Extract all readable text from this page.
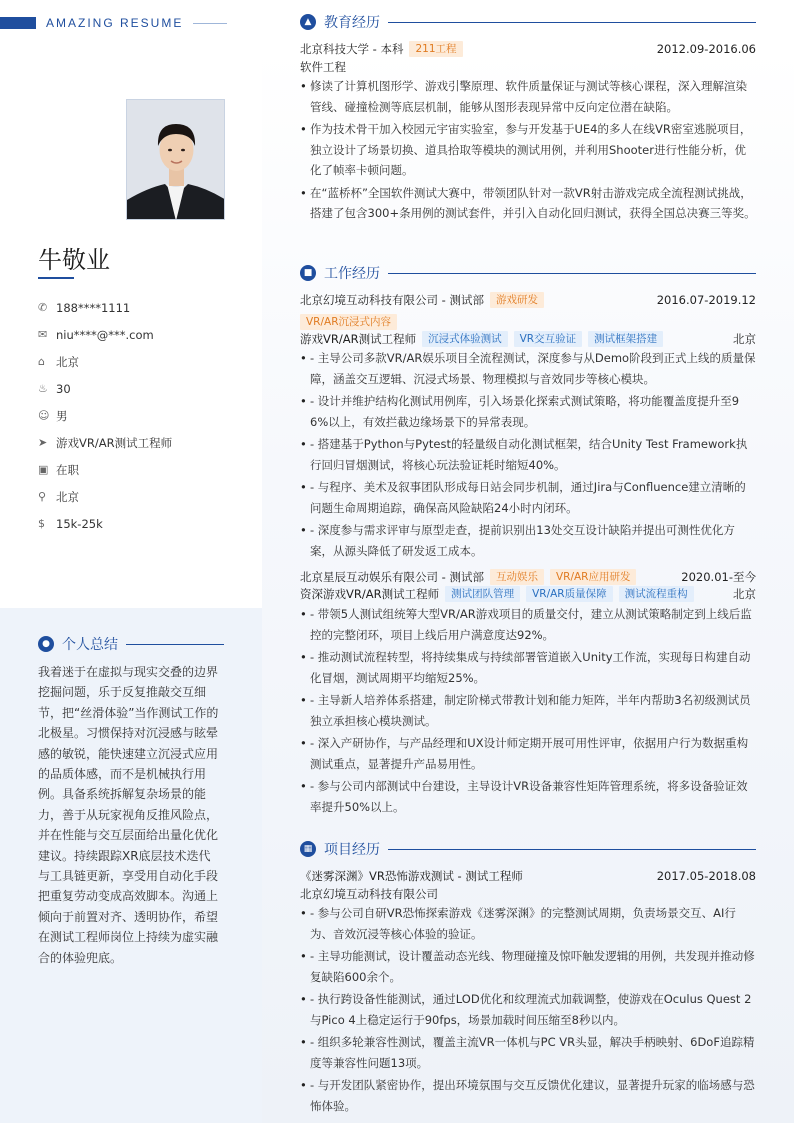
AMAZING RESUME
牛敬业
✆ 188****1111
✉ niu****@***.com
⌂ 北京
♨ 30
☺ 男
➤ 游戏VR/AR测试工程师
▣ 在职
⚲ 北京
$ 15k-25k
● 个人总结
我着迷于在虚拟与现实交叠的边界挖掘问题，乐于反复推敲交互细节，把“丝滑体验”当作测试工作的北极星。习惯保持对沉浸感与眩晕感的敏锐，能快速建立沉浸式应用的品质体感，而不是机械执行用例。具备系统拆解复杂场景的能力，善于从玩家视角反推风险点，并在性能与交互层面给出量化优化建议。持续跟踪XR底层技术迭代与工具链更新，享受用自动化手段把重复劳动变成高效脚本。沟通上倾向于前置对齐、透明协作，希望在测试工程师岗位上持续为虚实融合的体验兜底。
▲ 教育经历
北京科技大学 - 本科	211工程	2012.09-2016.06
软件工程
• 修读了计算机图形学、游戏引擎原理、软件质量保证与测试等核心课程，深入理解渲染管线、碰撞检测等底层机制，能够从图形表现异常中反向定位潜在缺陷。
• 作为技术骨干加入校园元宇宙实验室，参与开发基于UE4的多人在线VR密室逃脱项目，独立设计了场景切换、道具拾取等模块的测试用例，并利用Shooter进行性能分析，优化了帧率卡顿问题。
• 在“蓝桥杯”全国软件测试大赛中，带领团队针对一款VR射击游戏完成全流程测试挑战，搭建了包含300+条用例的测试套件，并引入自动化回归测试，获得全国总决赛三等奖。
■ 工作经历
北京幻境互动科技有限公司 - 测试部	游戏研发	2016.07-2019.12
VR/AR沉浸式内容
游戏VR/AR测试工程师	沉浸式体验测试	VR交互验证	测试框架搭建	北京
• - 主导公司多款VR/AR娱乐项目全流程测试，深度参与从Demo阶段到正式上线的质量保障，涵盖交互逻辑、沉浸式场景、物理模拟与音效同步等核心模块。
• - 设计并维护结构化测试用例库，引入场景化探索式测试策略，将功能覆盖度提升至96%以上，有效拦截边缘场景下的异常表现。
• - 搭建基于Python与Pytest的轻量级自动化测试框架，结合Unity Test Framework执行回归冒烟测试，将核心玩法验证耗时缩短40%。
• - 与程序、美术及叙事团队形成每日站会同步机制，通过Jira与Confluence建立清晰的问题生命周期追踪，确保高风险缺陷24小时内闭环。
• - 深度参与需求评审与原型走查，提前识别出13处交互设计缺陷并提出可测性优化方案，从源头降低了研发返工成本。
北京星辰互动娱乐有限公司 - 测试部	互动娱乐	VR/AR应用研发	2020.01-至今
资深游戏VR/AR测试工程师	测试团队管理	VR/AR质量保障	测试流程重构	北京
• - 带领5人测试组统筹大型VR/AR游戏项目的质量交付，建立从测试策略制定到上线后监控的完整闭环，项目上线后用户满意度达92%。
• - 推动测试流程转型，将持续集成与持续部署管道嵌入Unity工作流，实现每日构建自动化冒烟，测试周期平均缩短25%。
• - 主导新人培养体系搭建，制定阶梯式带教计划和能力矩阵，半年内帮助3名初级测试员独立承担核心模块测试。
• - 深入产研协作，与产品经理和UX设计师定期开展可用性评审，依据用户行为数据重构测试重点，显著提升产品易用性。
• - 参与公司内部测试中台建设，主导设计VR设备兼容性矩阵管理系统，将多设备验证效率提升50%以上。
▦ 项目经历
《迷雾深渊》VR恐怖游戏测试 - 测试工程师	2017.05-2018.08
北京幻境互动科技有限公司
• - 参与公司自研VR恐怖探索游戏《迷雾深渊》的完整测试周期，负责场景交互、AI行为、音效沉浸等核心体验的验证。
• - 主导功能测试，设计覆盖动态光线、物理碰撞及惊吓触发逻辑的用例，共发现并推动修复缺陷600余个。
• - 执行跨设备性能测试，通过LOD优化和纹理流式加载调整，使游戏在Oculus Quest 2与Pico 4上稳定运行于90fps，场景加载时间压缩至8秒以内。
• - 组织多轮兼容性测试，覆盖主流VR一体机与PC VR头显，解决手柄映射、6DoF追踪精度等兼容性问题13项。
• - 与开发团队紧密协作，提出环境氛围与交互反馈优化建议，显著提升玩家的临场感与恐怖体验。
